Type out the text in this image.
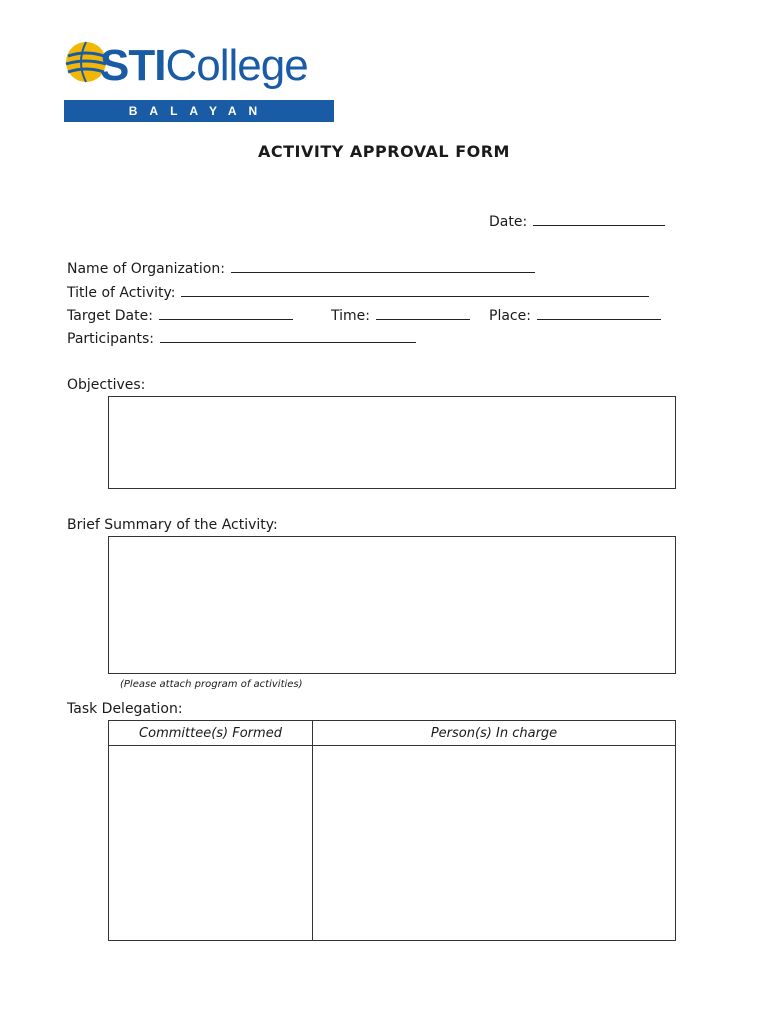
STICollege
BALAYAN
ACTIVITY APPROVAL FORM
Date:
Name of Organization:
Title of Activity:
Target Date:	Time:	Place:
Participants:
Objectives:
Brief Summary of the Activity:
(Please attach program of activities)
Task Delegation:
Committee(s) Formed	Person(s) In charge
